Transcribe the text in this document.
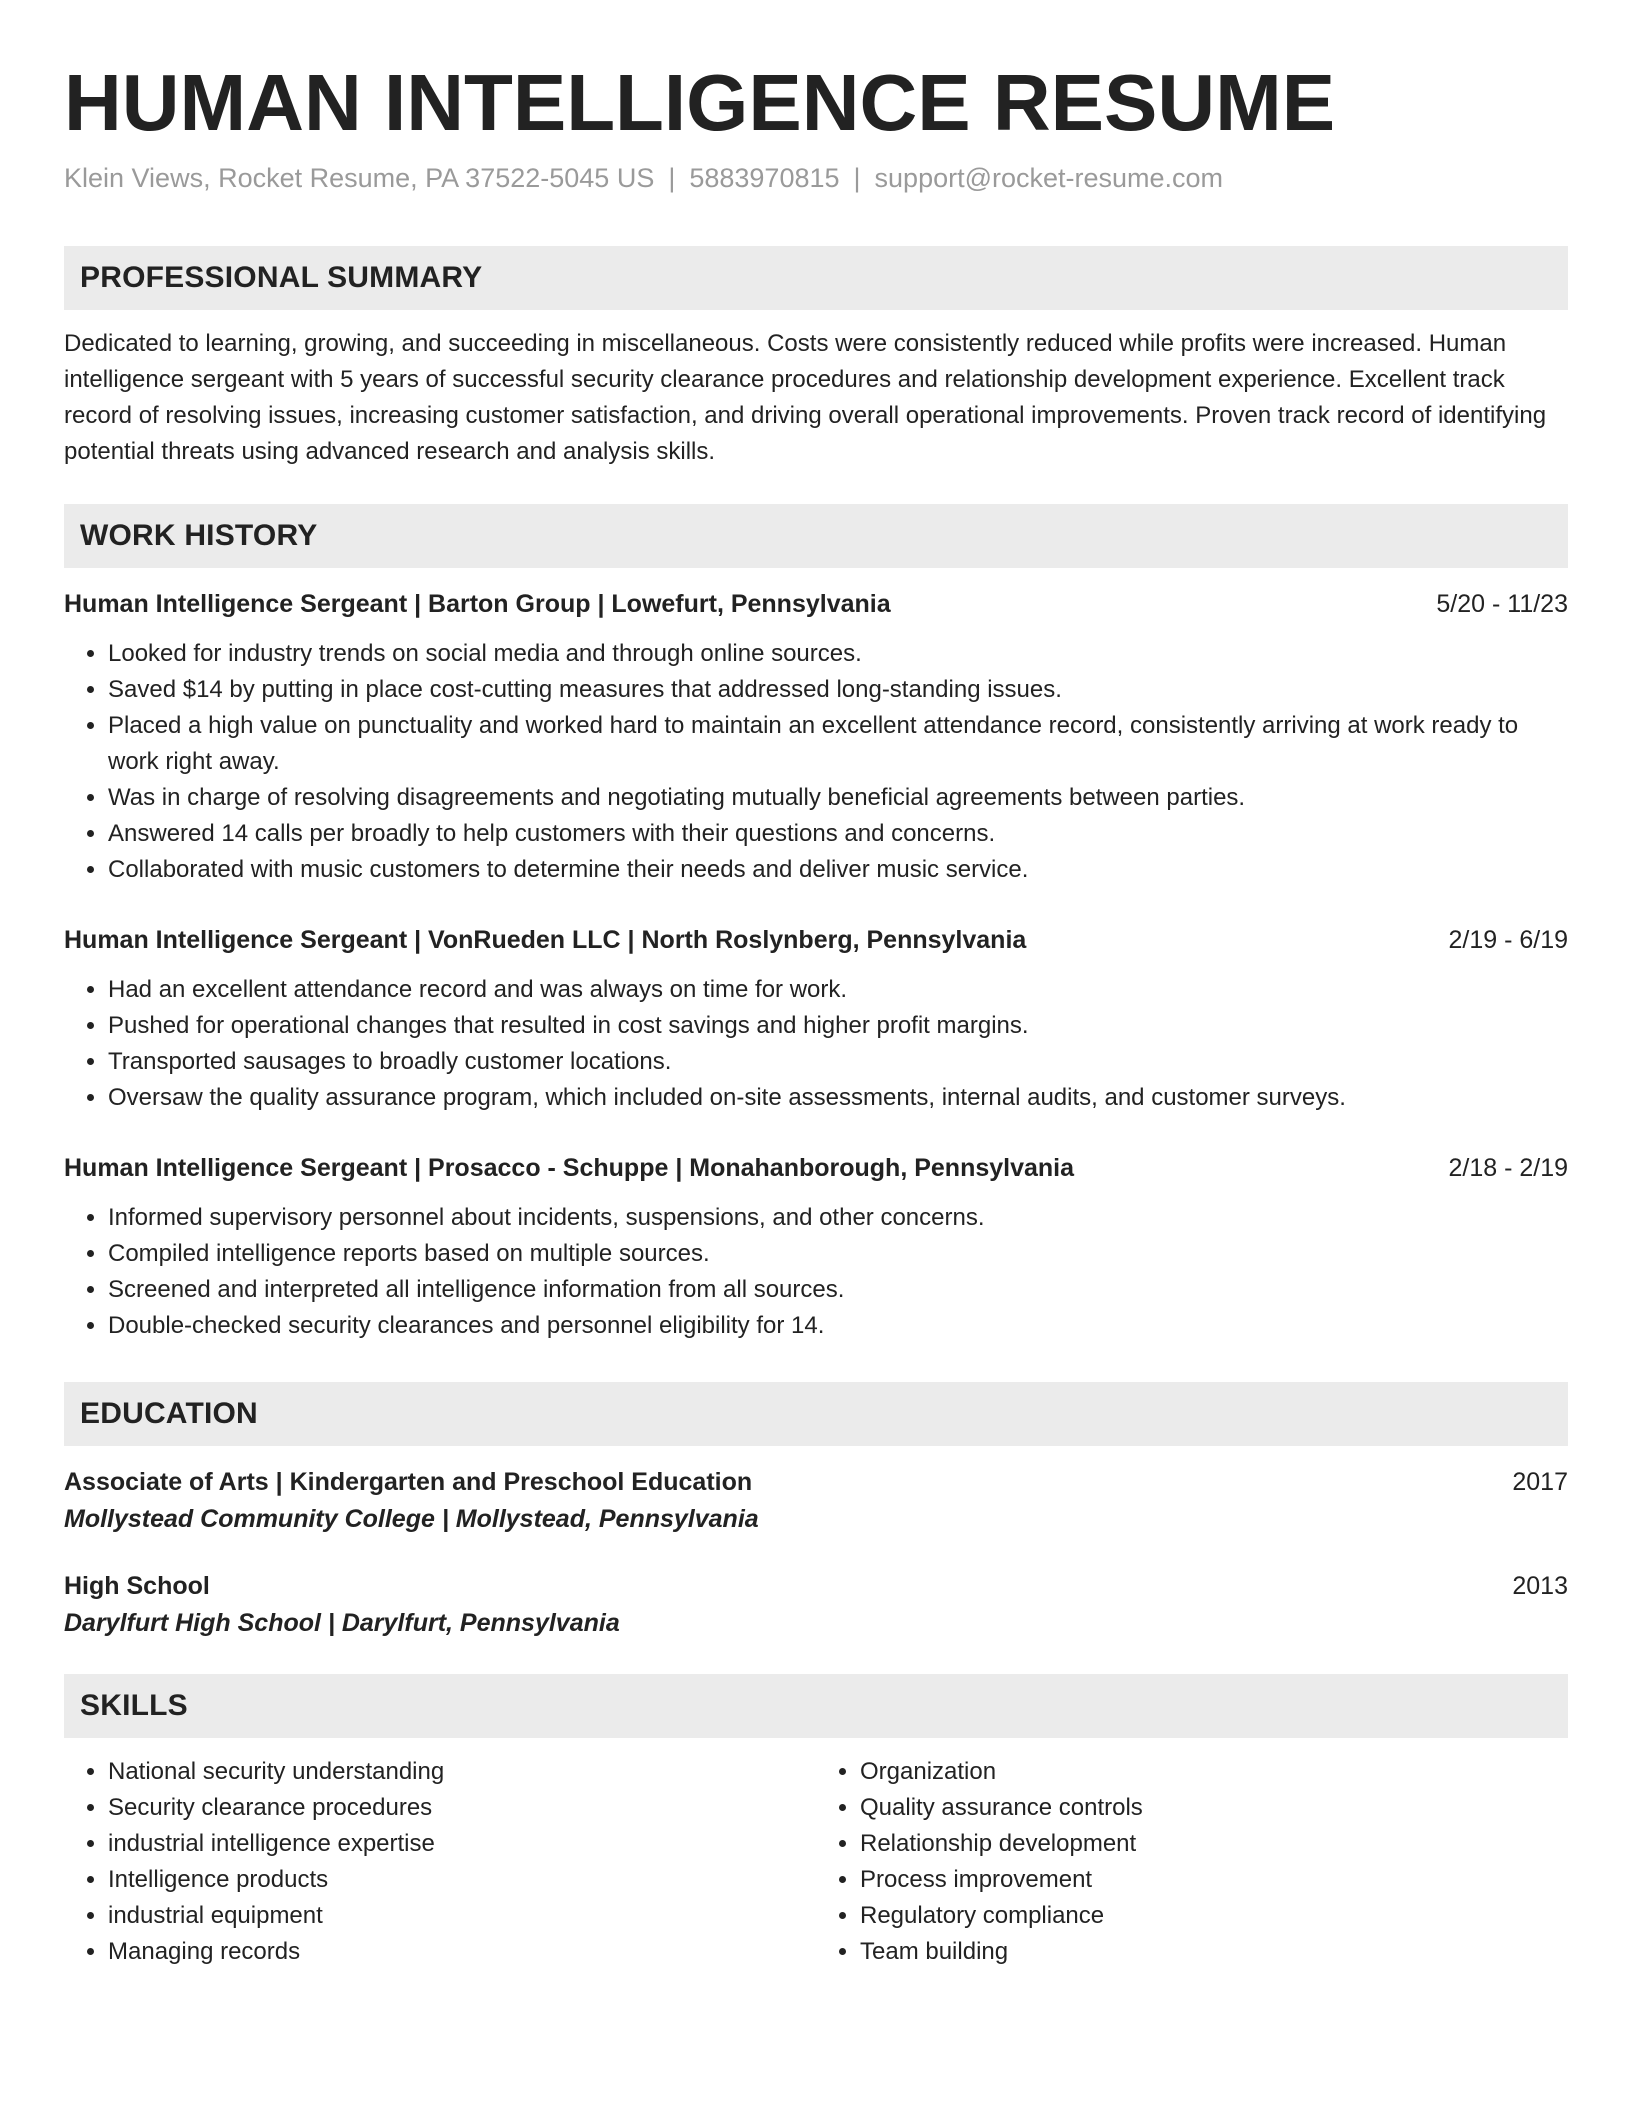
HUMAN INTELLIGENCE RESUME
Klein Views, Rocket Resume, PA 37522-5045 US | 5883970815 | support@rocket-resume.com
PROFESSIONAL SUMMARY
Dedicated to learning, growing, and succeeding in miscellaneous. Costs were consistently reduced while profits were increased. Human intelligence sergeant with 5 years of successful security clearance procedures and relationship development experience. Excellent track record of resolving issues, increasing customer satisfaction, and driving overall operational improvements. Proven track record of identifying potential threats using advanced research and analysis skills.
WORK HISTORY
Human Intelligence Sergeant | Barton Group | Lowefurt, Pennsylvania	5/20 - 11/23
• Looked for industry trends on social media and through online sources.
• Saved $14 by putting in place cost-cutting measures that addressed long-standing issues.
• Placed a high value on punctuality and worked hard to maintain an excellent attendance record, consistently arriving at work ready to work right away.
• Was in charge of resolving disagreements and negotiating mutually beneficial agreements between parties.
• Answered 14 calls per broadly to help customers with their questions and concerns.
• Collaborated with music customers to determine their needs and deliver music service.
Human Intelligence Sergeant | VonRueden LLC | North Roslynberg, Pennsylvania	2/19 - 6/19
• Had an excellent attendance record and was always on time for work.
• Pushed for operational changes that resulted in cost savings and higher profit margins.
• Transported sausages to broadly customer locations.
• Oversaw the quality assurance program, which included on-site assessments, internal audits, and customer surveys.
Human Intelligence Sergeant | Prosacco - Schuppe | Monahanborough, Pennsylvania	2/18 - 2/19
• Informed supervisory personnel about incidents, suspensions, and other concerns.
• Compiled intelligence reports based on multiple sources.
• Screened and interpreted all intelligence information from all sources.
• Double-checked security clearances and personnel eligibility for 14.
EDUCATION
Associate of Arts | Kindergarten and Preschool Education	2017
Mollystead Community College | Mollystead, Pennsylvania
High School	2013
Darylfurt High School | Darylfurt, Pennsylvania
SKILLS
• National security understanding
• Security clearance procedures
• industrial intelligence expertise
• Intelligence products
• industrial equipment
• Managing records
• Organization
• Quality assurance controls
• Relationship development
• Process improvement
• Regulatory compliance
• Team building
